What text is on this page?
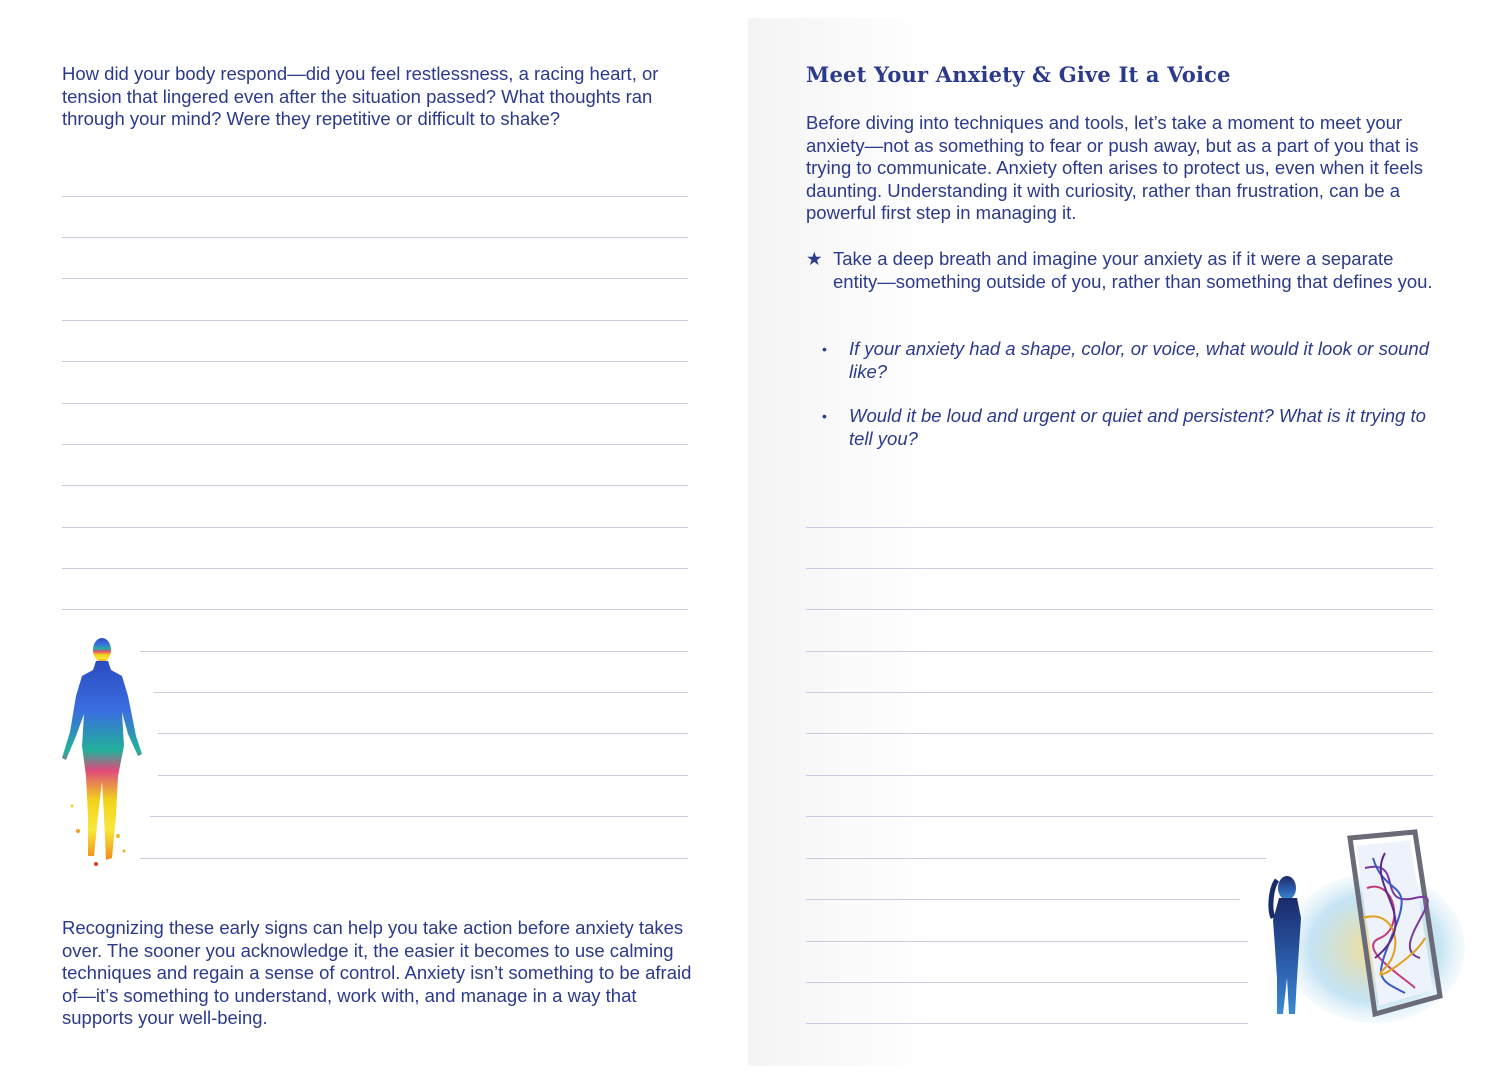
How did your body respond—did you feel restlessness, a racing heart, or tension that lingered even after the situation passed? What thoughts ran through your mind? Were they repetitive or difficult to shake?

Recognizing these early signs can help you take action before anxiety takes over. The sooner you acknowledge it, the easier it becomes to use calming techniques and regain a sense of control. Anxiety isn’t something to be afraid of—it’s something to understand, work with, and manage in a way that supports your well-being.

Meet Your Anxiety & Give It a Voice

Before diving into techniques and tools, let’s take a moment to meet your anxiety—not as something to fear or push away, but as a part of you that is trying to communicate. Anxiety often arises to protect us, even when it feels daunting. Understanding it with curiosity, rather than frustration, can be a powerful first step in managing it.

★ Take a deep breath and imagine your anxiety as if it were a separate entity—something outside of you, rather than something that defines you.
• If your anxiety had a shape, color, or voice, what would it look or sound like?
• Would it be loud and urgent or quiet and persistent? What is it trying to tell you?
